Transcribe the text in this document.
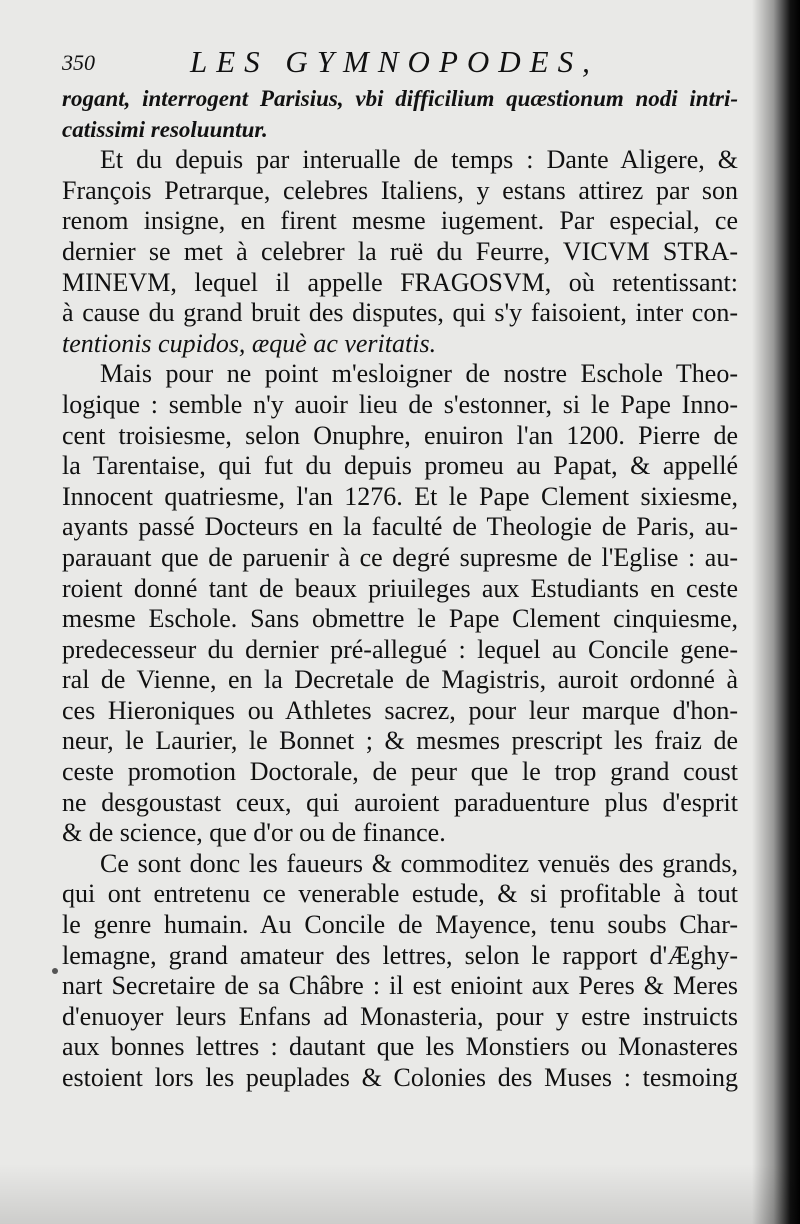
350	LES GYMNOPODES,
rogant, interrogent Parisius, vbi difficilium quæstionum nodi intri-
catissimi resoluuntur.
Et du depuis par interualle de temps : Dante Aligere, &
François Petrarque, celebres Italiens, y estans attirez par son
renom insigne, en firent mesme iugement. Par especial, ce
dernier se met à celebrer la ruë du Feurre, VICVM STRA-
MINEVM, lequel il appelle FRAGOSVM, où retentissant:
à cause du grand bruit des disputes, qui s'y faisoient, inter con-
tentionis cupidos, æquè ac veritatis.
Mais pour ne point m'esloigner de nostre Eschole Theo-
logique : semble n'y auoir lieu de s'estonner, si le Pape Inno-
cent troisiesme, selon Onuphre, enuiron l'an 1200. Pierre de
la Tarentaise, qui fut du depuis promeu au Papat, & appellé
Innocent quatriesme, l'an 1276. Et le Pape Clement sixiesme,
ayants passé Docteurs en la faculté de Theologie de Paris, au-
parauant que de paruenir à ce degré supresme de l'Eglise : au-
roient donné tant de beaux priuileges aux Estudiants en ceste
mesme Eschole. Sans obmettre le Pape Clement cinquiesme,
predecesseur du dernier pré-allegué : lequel au Concile gene-
ral de Vienne, en la Decretale de Magistris, auroit ordonné à
ces Hieroniques ou Athletes sacrez, pour leur marque d'hon-
neur, le Laurier, le Bonnet ; & mesmes prescript les fraiz de
ceste promotion Doctorale, de peur que le trop grand coust
ne desgoustast ceux, qui auroient paraduenture plus d'esprit
& de science, que d'or ou de finance.
Ce sont donc les faueurs & commoditez venuës des grands,
qui ont entretenu ce venerable estude, & si profitable à tout
le genre humain. Au Concile de Mayence, tenu soubs Char-
lemagne, grand amateur des lettres, selon le rapport d'Æghy-
nart Secretaire de sa Châbre : il est enioint aux Peres & Meres
d'enuoyer leurs Enfans ad Monasteria, pour y estre instruicts
aux bonnes lettres : dautant que les Monstiers ou Monasteres
estoient lors les peuplades & Colonies des Muses : tesmoing
